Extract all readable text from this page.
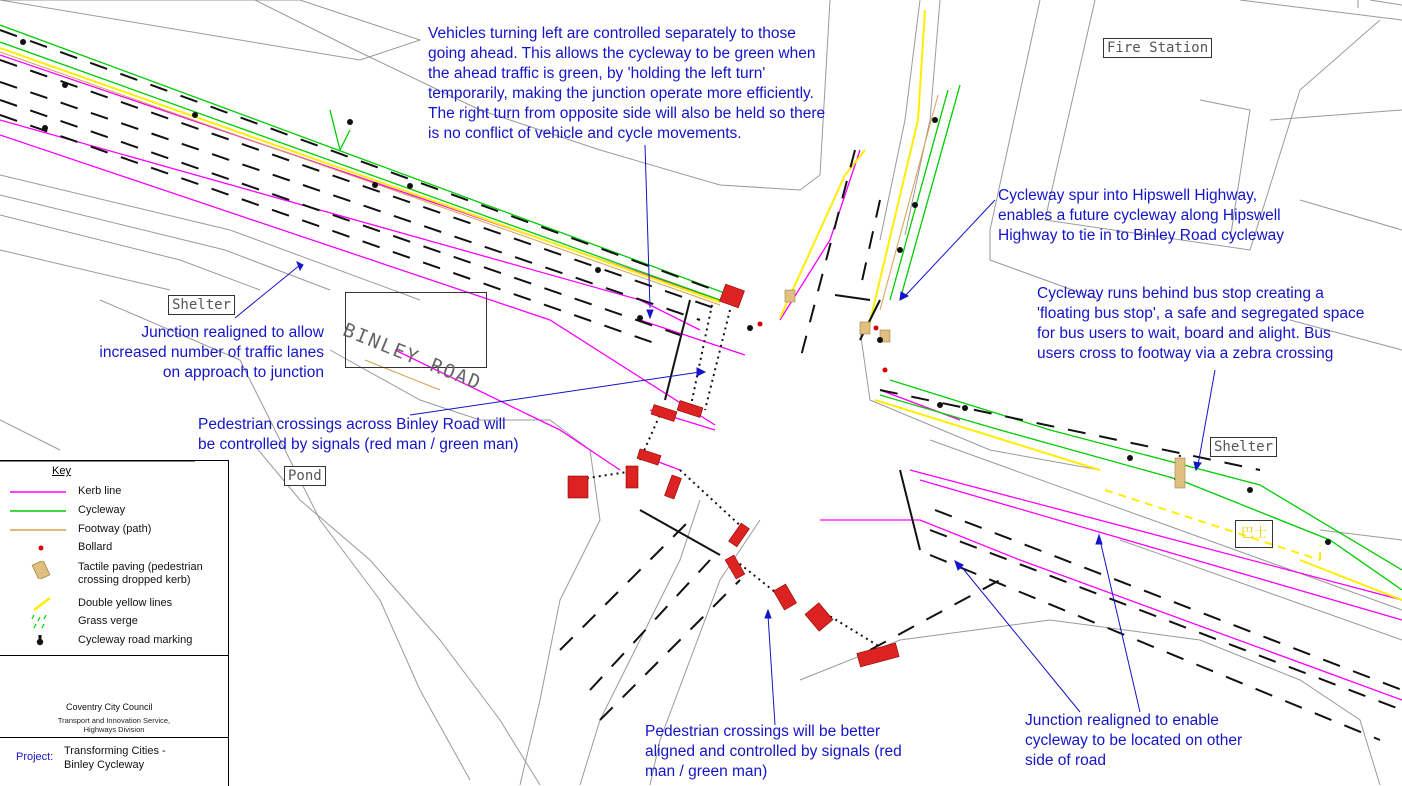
Fire Station
Shelter
Shelter
Pond
BINLEY ROAD
巴士
Vehicles turning left are controlled separately to those
going ahead. This allows the cycleway to be green when
the ahead traffic is green, by 'holding the left turn'
temporarily, making the junction operate more efficiently.
The right turn from opposite side will also be held so there
is no conflict of vehicle and cycle movements.
Cycleway spur into Hipswell Highway,
enables a future cycleway along Hipswell
Highway to tie in to Binley Road cycleway
Cycleway runs behind bus stop creating a
'floating bus stop', a safe and segregated space
for bus users to wait, board and alight. Bus
users cross to footway via a zebra crossing
Junction realigned to allow
increased number of traffic lanes
on approach to junction
Pedestrian crossings across Binley Road will
be controlled by signals (red man / green man)
Pedestrian crossings will be better
aligned and controlled by signals (red
man / green man)
Junction realigned to enable
cycleway to be located on other
side of road
Key
Kerb line
Cycleway
Footway (path)
Bollard
Tactile paving (pedestrian
crossing dropped kerb)
Double yellow lines
Grass verge
Cycleway road marking
Coventry City Council
Transport and Innovation Service,
Highways Division
Project: Transforming Cities -
Binley Cycleway
